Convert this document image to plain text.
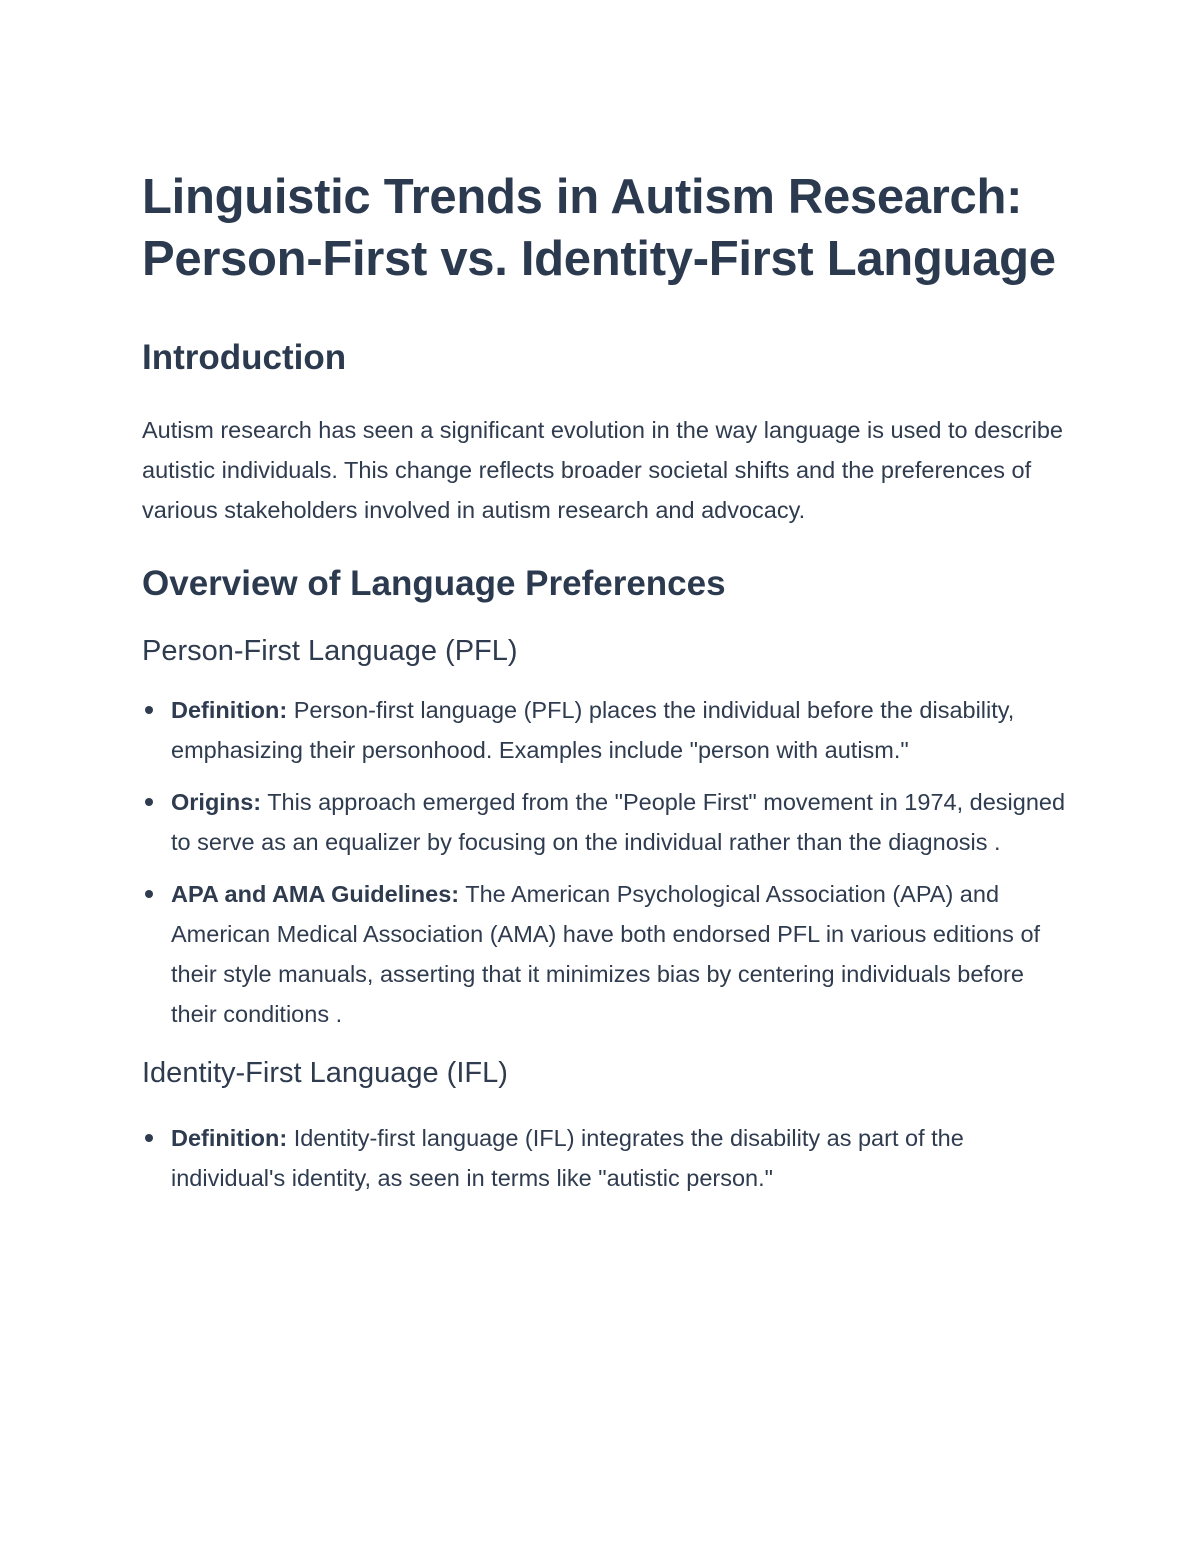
Linguistic Trends in Autism Research: Person-First vs. Identity-First Language
Introduction

Autism research has seen a significant evolution in the way language is used to describe autistic individuals. This change reflects broader societal shifts and the preferences of various stakeholders involved in autism research and advocacy.

Overview of Language Preferences
Person-First Language (PFL)
Definition: Person-first language (PFL) places the individual before the disability, emphasizing their personhood. Examples include "person with autism."
Origins: This approach emerged from the "People First" movement in 1974, designed to serve as an equalizer by focusing on the individual rather than the diagnosis .
APA and AMA Guidelines: The American Psychological Association (APA) and American Medical Association (AMA) have both endorsed PFL in various editions of their style manuals, asserting that it minimizes bias by centering individuals before their conditions .
Identity-First Language (IFL)
Definition: Identity-first language (IFL) integrates the disability as part of the individual's identity, as seen in terms like "autistic person."
